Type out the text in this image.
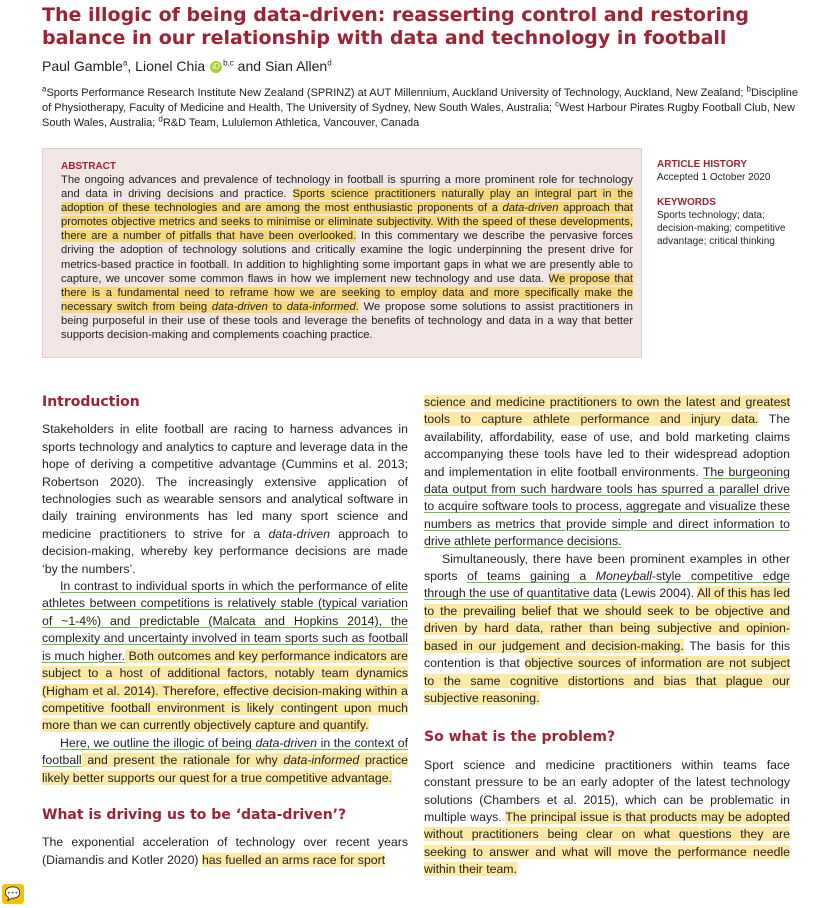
The illogic of being data-driven: reasserting control and restoring balance in our relationship with data and technology in football
Paul Gamble$^a$, Lionel Chia iD $^{b,c}$ and Sian Allen$^d$

$^a$Sports Performance Research Institute New Zealand (SPRINZ) at AUT Millennium, Auckland University of Technology, Auckland, New Zealand; $^b$Discipline of Physiotherapy, Faculty of Medicine and Health, The University of Sydney, New South Wales, Australia; $^c$West Harbour Pirates Rugby Football Club, New South Wales, Australia; $^d$R&D Team, Lululemon Athletica, Vancouver, Canada

ABSTRACT

The ongoing advances and prevalence of technology in football is spurring a more prominent role for technology and data in driving decisions and practice. Sports science practitioners naturally play an integral part in the adoption of these technologies and are among the most enthusiastic proponents of a data-driven approach that promotes objective metrics and seeks to minimise or eliminate subjectivity. With the speed of these developments, there are a number of pitfalls that have been overlooked. In this commentary we describe the pervasive forces driving the adoption of technology solutions and critically examine the logic underpinning the present drive for metrics-based practice in football. In addition to highlighting some important gaps in what we are presently able to capture, we uncover some common flaws in how we implement new technology and use data. We propose that there is a fundamental need to reframe how we are seeking to employ data and more specifically make the necessary switch from being data-driven to data-informed. We propose some solutions to assist practitioners in being purposeful in their use of these tools and leverage the benefits of technology and data in a way that better supports decision-making and complements coaching practice.

ARTICLE HISTORY

Accepted 1 October 2020

KEYWORDS

Sports technology; data; decision-making; competitive advantage; critical thinking

Introduction

Stakeholders in elite football are racing to harness advances in sports technology and analytics to capture and leverage data in the hope of deriving a competitive advantage (Cummins et al. 2013; Robertson 2020). The increasingly extensive application of technologies such as wearable sensors and analytical software in daily training environments has led many sport science and medicine practitioners to strive for a data-driven approach to decision-making, whereby key performance decisions are made ‘by the numbers’.

In contrast to individual sports in which the performance of elite athletes between competitions is relatively stable (typical variation of ~1-4%) and predictable (Malcata and Hopkins 2014), the complexity and uncertainty involved in team sports such as football is much higher. Both outcomes and key performance indicators are subject to a host of additional factors, notably team dynamics (Higham et al. 2014). Therefore, effective decision-making within a competitive football environment is likely contingent upon much more than we can currently objectively capture and quantify.

Here, we outline the illogic of being data-driven in the context of football and present the rationale for why data-informed practice likely better supports our quest for a true competitive advantage.

What is driving us to be ‘data-driven’?

The exponential acceleration of technology over recent years (Diamandis and Kotler 2020) has fuelled an arms race for sport

science and medicine practitioners to own the latest and greatest tools to capture athlete performance and injury data. The availability, affordability, ease of use, and bold marketing claims accompanying these tools have led to their widespread adoption and implementation in elite football environments. The burgeoning data output from such hardware tools has spurred a parallel drive to acquire software tools to process, aggregate and visualize these numbers as metrics that provide simple and direct information to drive athlete performance decisions.

Simultaneously, there have been prominent examples in other sports of teams gaining a Moneyball-style competitive edge through the use of quantitative data (Lewis 2004). All of this has led to the prevailing belief that we should seek to be objective and driven by hard data, rather than being subjective and opinion-based in our judgement and decision-making. The basis for this contention is that objective sources of information are not subject to the same cognitive distortions and bias that plague our subjective reasoning.

So what is the problem?

Sport science and medicine practitioners within teams face constant pressure to be an early adopter of the latest technology solutions (Chambers et al. 2015), which can be problematic in multiple ways. The principal issue is that products may be adopted without practitioners being clear on what questions they are seeking to answer and what will move the performance needle within their team.

💬
